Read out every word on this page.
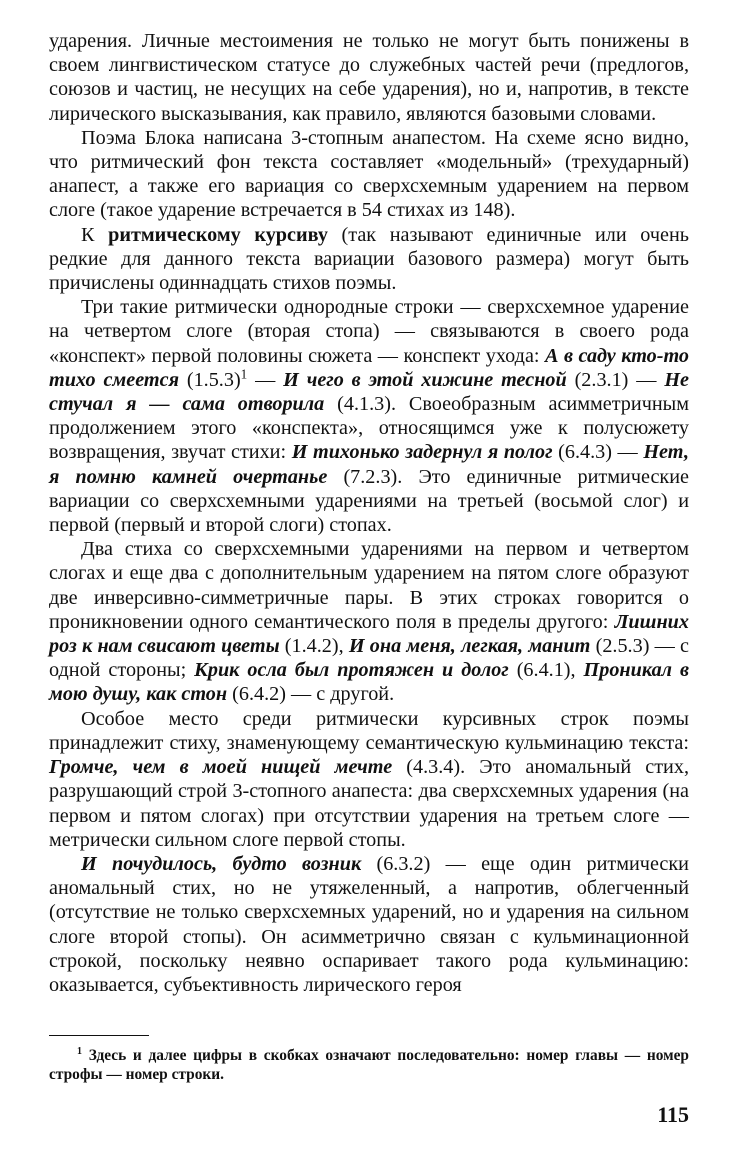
ударения. Личные местоимения не только не могут быть понижены в своем лингвистическом статусе до служебных частей речи (предлогов, союзов и частиц, не несущих на себе ударения), но и, напротив, в тексте лирического высказывания, как правило, являются базовыми словами.

Поэма Блока написана 3-стопным анапестом. На схеме ясно видно, что ритмический фон текста составляет «модельный» (трехударный) анапест, а также его вариация со сверхсхемным ударением на первом слоге (такое ударение встречается в 54 стихах из 148).

К ритмическому курсиву (так называют единичные или очень редкие для данного текста вариации базового размера) могут быть причислены одиннадцать стихов поэмы.

Три такие ритмически однородные строки — сверхсхемное ударение на четвертом слоге (вторая стопа) — связываются в своего рода «конспект» первой половины сюжета — конспект ухода: А в саду кто-то тихо смеется $(1.5.3)^1$ — И чего в этой хижине тесной (2.3.1) — Не стучал я — сама отворила (4.1.3). Своеобразным асимметричным продолжением этого «конспекта», относящимся уже к полусюжету возвращения, звучат стихи: И тихонько задернул я полог (6.4.3) — Нет, я помню камней очертанье (7.2.3). Это единичные ритмические вариации со сверхсхемными ударениями на третьей (восьмой слог) и первой (первый и второй слоги) стопах.

Два стиха со сверхсхемными ударениями на первом и четвертом слогах и еще два с дополнительным ударением на пятом слоге образуют две инверсивно-симметричные пары. В этих строках говорится о проникновении одного семантического поля в пределы другого: Лишних роз к нам свисают цветы (1.4.2), И она меня, легкая, манит (2.5.3) — с одной стороны; Крик осла был протяжен и долог (6.4.1), Проникал в мою душу, как стон (6.4.2) — с другой.

Особое место среди ритмически курсивных строк поэмы принадлежит стиху, знаменующему семантическую кульминацию текста: Громче, чем в моей нищей мечте (4.3.4). Это аномальный стих, разрушающий строй 3-стопного анапеста: два сверхсхемных ударения (на первом и пятом слогах) при отсутствии ударения на третьем слоге — метрически сильном слоге первой стопы.

И почудилось, будто возник (6.3.2) — еще один ритмически аномальный стих, но не утяжеленный, а напротив, облегченный (отсутствие не только сверхсхемных ударений, но и ударения на сильном слоге второй стопы). Он асимметрично связан с кульминационной строкой, поскольку неявно оспаривает такого рода кульминацию: оказывается, субъективность лирического героя

$^1$ Здесь и далее цифры в скобках означают последовательно: номер главы — номер строфы — номер строки.

115
